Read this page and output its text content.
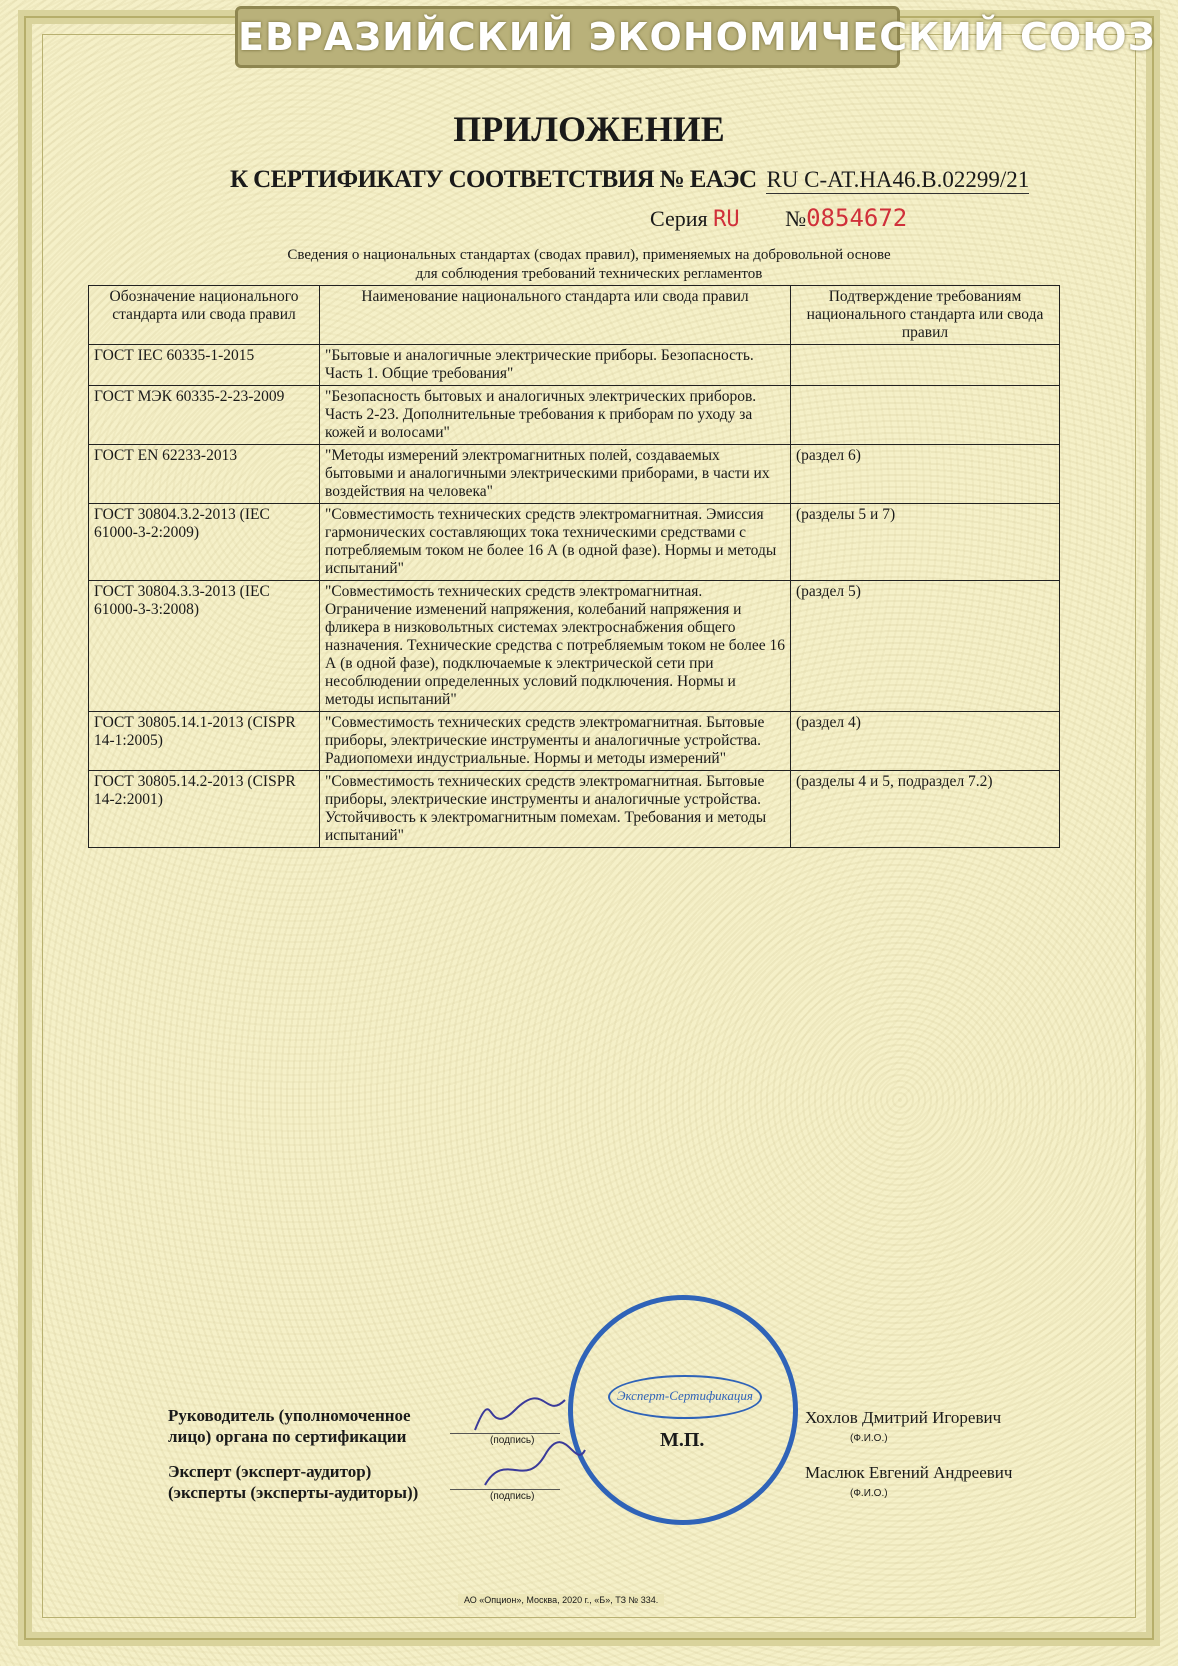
ЕВРАЗИЙСКИЙ ЭКОНОМИЧЕСКИЙ СОЮЗ
ПРИЛОЖЕНИЕ
К СЕРТИФИКАТУ СООТВЕТСТВИЯ № ЕАЭС RU C-AT.HA46.B.02299/21
Серия RU №0854672
Сведения о национальных стандартах (сводах правил), применяемых на добровольной основе
для соблюдения требований технических регламентов
Обозначение национального стандарта или свода правил	Наименование национального стандарта или свода правил	Подтверждение требованиям национального стандарта или свода правил
ГОСТ IEC 60335-1-2015	"Бытовые и аналогичные электрические приборы. Безопасность. Часть 1. Общие требования"	
ГОСТ МЭК 60335-2-23-2009	"Безопасность бытовых и аналогичных электрических приборов. Часть 2-23. Дополнительные требования к приборам по уходу за кожей и волосами"	
ГОСТ EN 62233-2013	"Методы измерений электромагнитных полей, создаваемых бытовыми и аналогичными электрическими приборами, в части их воздействия на человека"	(раздел 6)
ГОСТ 30804.3.2-2013 (IEC 61000-3-2:2009)	"Совместимость технических средств электромагнитная. Эмиссия гармонических составляющих тока техническими средствами с потребляемым током не более 16 А (в одной фазе). Нормы и методы испытаний"	(разделы 5 и 7)
ГОСТ 30804.3.3-2013 (IEC 61000-3-3:2008)	"Совместимость технических средств электромагнитная. Ограничение изменений напряжения, колебаний напряжения и фликера в низковольтных системах электроснабжения общего назначения. Технические средства с потребляемым током не более 16 А (в одной фазе), подключаемые к электрической сети при несоблюдении определенных условий подключения. Нормы и методы испытаний"	(раздел 5)
ГОСТ 30805.14.1-2013 (CISPR 14-1:2005)	"Совместимость технических средств электромагнитная. Бытовые приборы, электрические инструменты и аналогичные устройства. Радиопомехи индустриальные. Нормы и методы измерений"	(раздел 4)
ГОСТ 30805.14.2-2013 (CISPR 14-2:2001)	"Совместимость технических средств электромагнитная. Бытовые приборы, электрические инструменты и аналогичные устройства. Устойчивость к электромагнитным помехам. Требования и методы испытаний"	(разделы 4 и 5, подраздел 7.2)
Эксперт-Сертификация
Руководитель (уполномоченное
лицо) органа по сертификации
Эксперт (эксперт-аудитор)
(эксперты (эксперты-аудиторы))
(подпись)
(подпись)
Хохлов Дмитрий Игоревич
(Ф.И.О.)
Маслюк Евгений Андреевич
(Ф.И.О.)
М.П.
АО «Опцион», Москва, 2020 г., «Б», ТЗ № 334.
